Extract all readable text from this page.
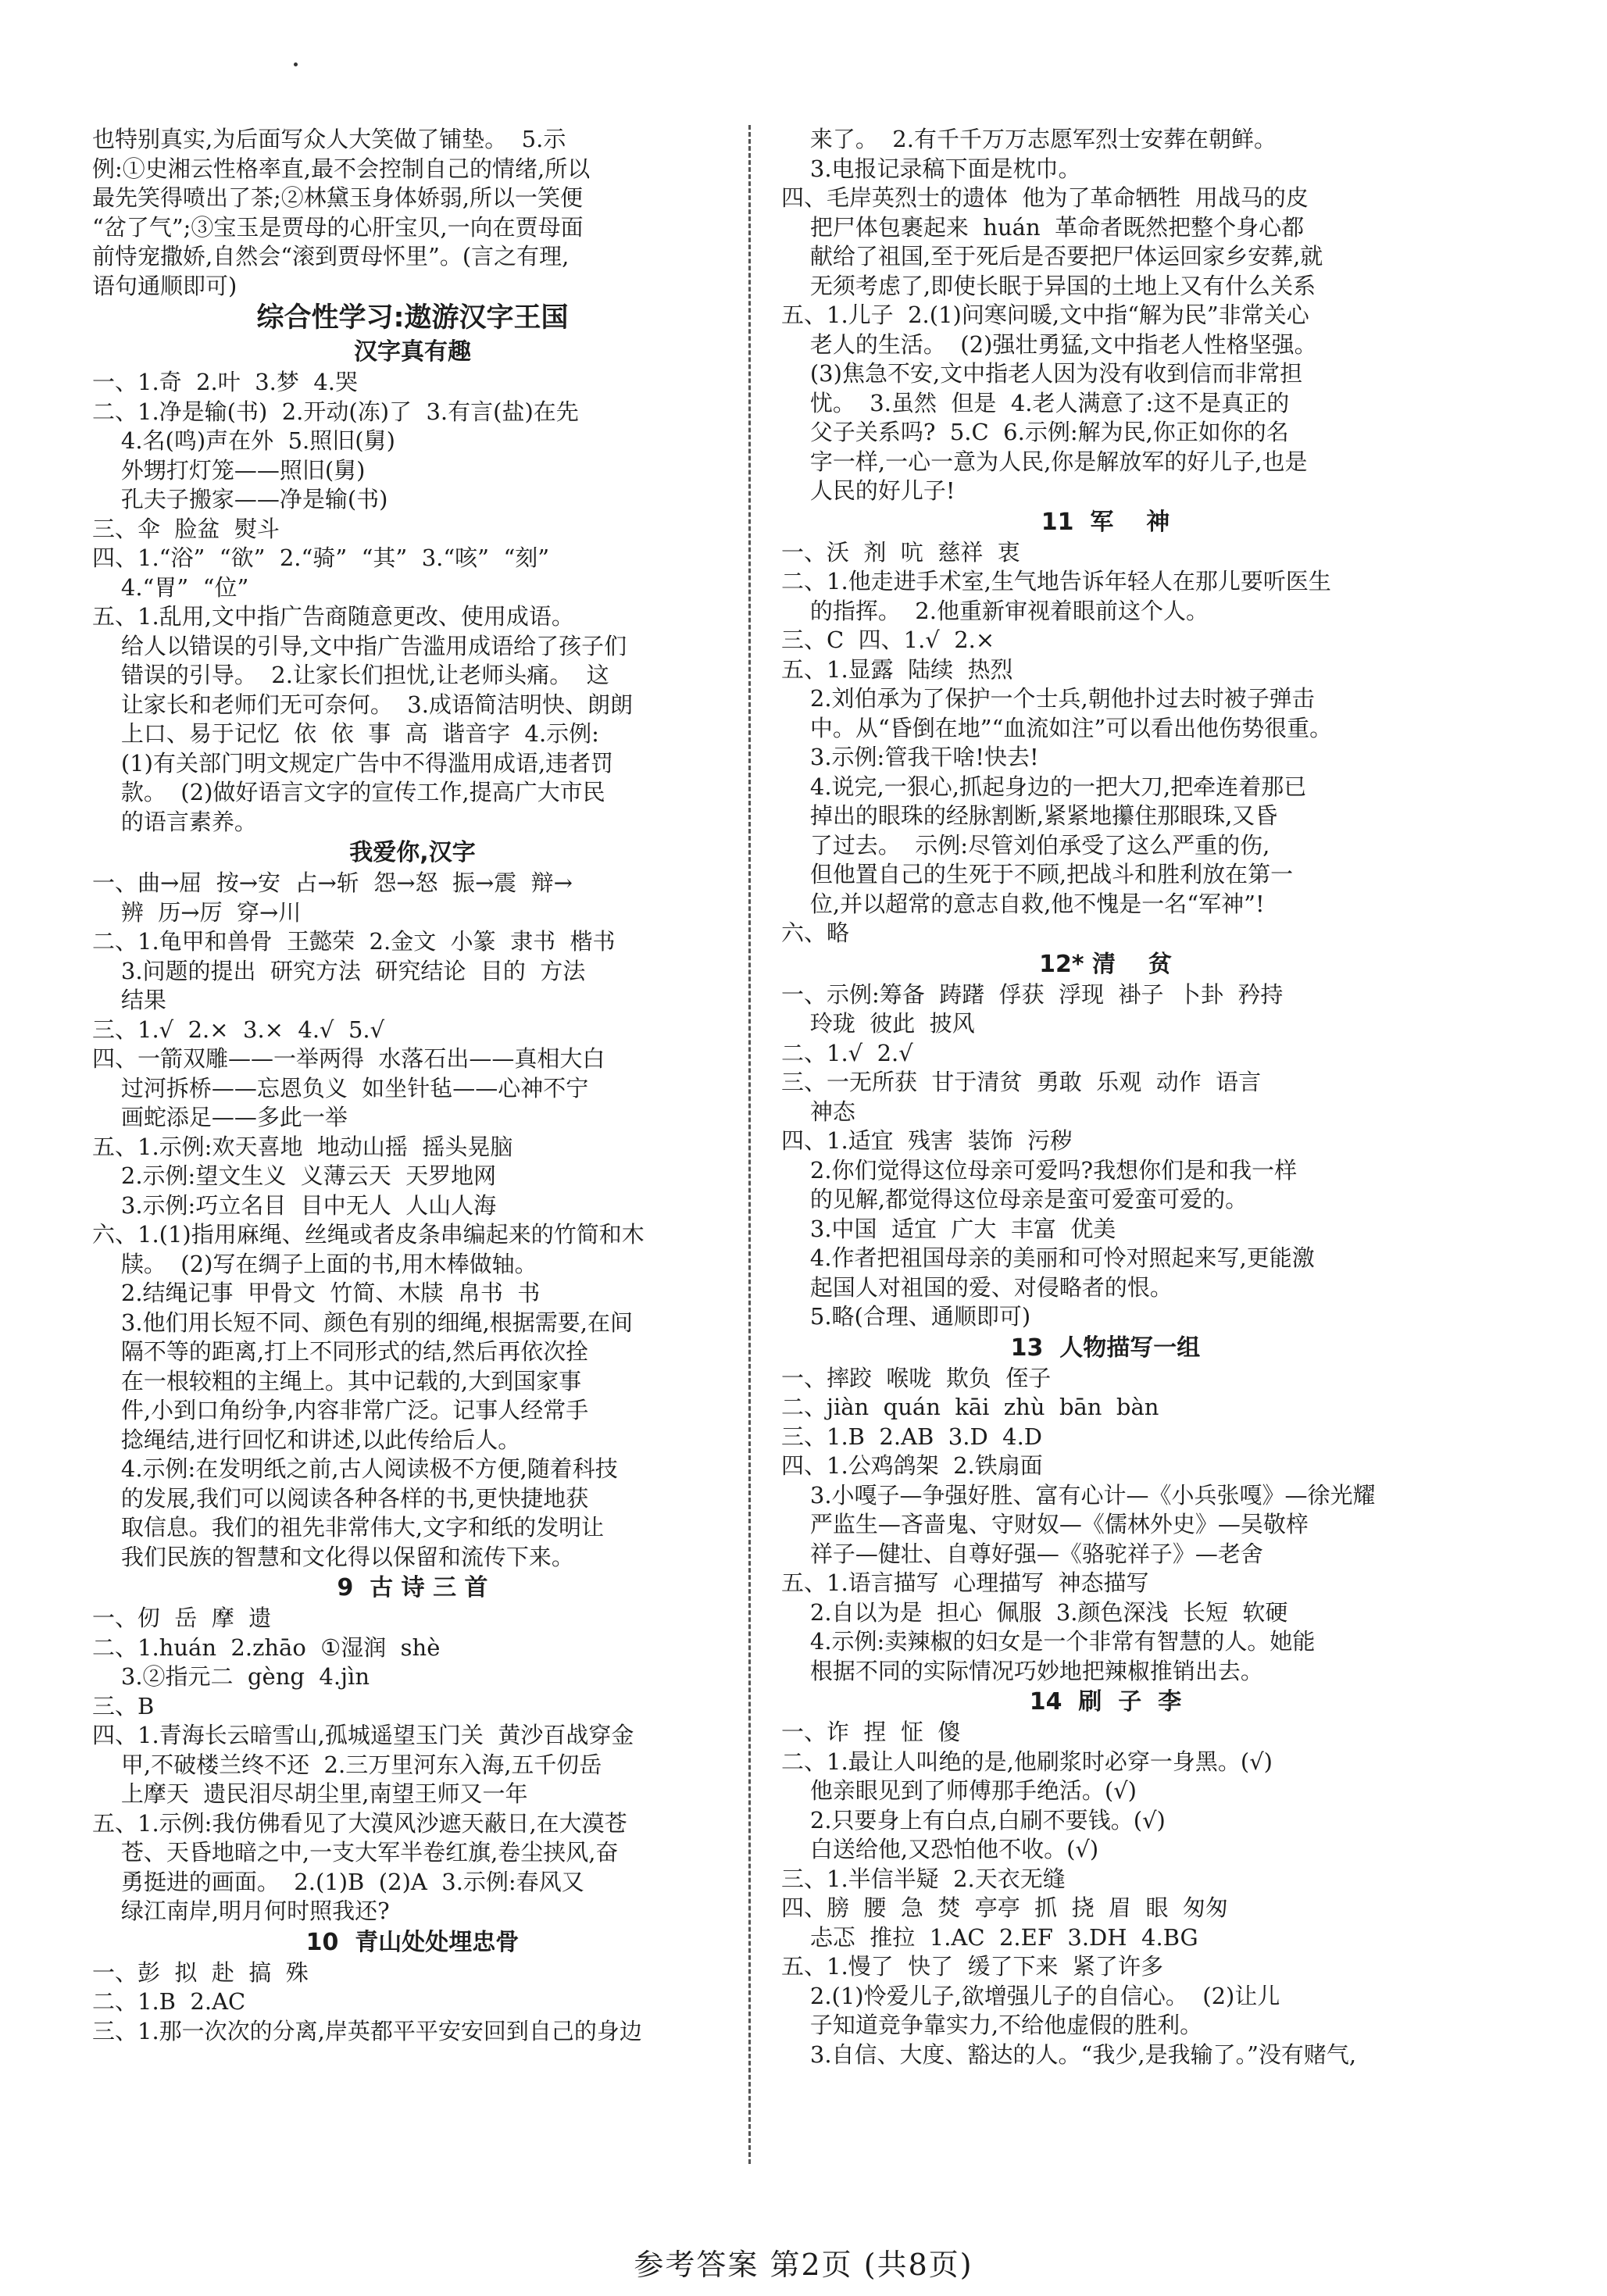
也特别真实,为后面写众人大笑做了铺垫。  5.示
例:①史湘云性格率直,最不会控制自己的情绪,所以
最先笑得喷出了茶;②林黛玉身体娇弱,所以一笑便
“岔了气”;③宝玉是贾母的心肝宝贝,一向在贾母面
前恃宠撒娇,自然会“滚到贾母怀里”。(言之有理,
语句通顺即可)
综合性学习:遨游汉字王国
汉字真有趣
一、1.奇  2.叶  3.梦  4.哭
二、1.净是输(书)  2.开动(冻)了  3.有言(盐)在先
4.名(鸣)声在外  5.照旧(舅)
外甥打灯笼——照旧(舅)
孔夫子搬家——净是输(书)
三、伞  脸盆  熨斗
四、1.“浴”  “欲”  2.“骑”  “其”  3.“咳”  “刻”
4.“胃”  “位”
五、1.乱用,文中指广告商随意更改、使用成语。
给人以错误的引导,文中指广告滥用成语给了孩子们
错误的引导。  2.让家长们担忧,让老师头痛。  这
让家长和老师们无可奈何。  3.成语简洁明快、朗朗
上口、易于记忆  依  依  事  高  谐音字  4.示例:
(1)有关部门明文规定广告中不得滥用成语,违者罚
款。  (2)做好语言文字的宣传工作,提高广大市民
的语言素养。
我爱你,汉字
一、曲→屈  按→安  占→斩  怨→怒  振→震  辩→
辨  历→厉  穿→川
二、1.龟甲和兽骨  王懿荣  2.金文  小篆  隶书  楷书
3.问题的提出  研究方法  研究结论  目的  方法
结果
三、1.√  2.×  3.×  4.√  5.√
四、一箭双雕——一举两得  水落石出——真相大白
过河拆桥——忘恩负义  如坐针毡——心神不宁
画蛇添足——多此一举
五、1.示例:欢天喜地  地动山摇  摇头晃脑
2.示例:望文生义  义薄云天  天罗地网
3.示例:巧立名目  目中无人  人山人海
六、1.(1)指用麻绳、丝绳或者皮条串编起来的竹简和木
牍。  (2)写在绸子上面的书,用木棒做轴。
2.结绳记事  甲骨文  竹简、木牍  帛书  书
3.他们用长短不同、颜色有别的细绳,根据需要,在间
隔不等的距离,打上不同形式的结,然后再依次拴
在一根较粗的主绳上。其中记载的,大到国家事
件,小到口角纷争,内容非常广泛。记事人经常手
捻绳结,进行回忆和讲述,以此传给后人。
4.示例:在发明纸之前,古人阅读极不方便,随着科技
的发展,我们可以阅读各种各样的书,更快捷地获
取信息。我们的祖先非常伟大,文字和纸的发明让
我们民族的智慧和文化得以保留和流传下来。
9  古 诗 三 首
一、仞  岳  摩  遗
二、1.huán  2.zhāo  ①湿润  shè
3.②指元二  gèng  4.jìn
三、B
四、1.青海长云暗雪山,孤城遥望玉门关  黄沙百战穿金
甲,不破楼兰终不还  2.三万里河东入海,五千仞岳
上摩天  遗民泪尽胡尘里,南望王师又一年
五、1.示例:我仿佛看见了大漠风沙遮天蔽日,在大漠苍
苍、天昏地暗之中,一支大军半卷红旗,卷尘挟风,奋
勇挺进的画面。  2.(1)B  (2)A  3.示例:春风又
绿江南岸,明月何时照我还?
10  青山处处埋忠骨
一、彭  拟  赴  搞  殊
二、1.B  2.AC
三、1.那一次次的分离,岸英都平平安安回到自己的身边
来了。  2.有千千万万志愿军烈士安葬在朝鲜。
3.电报记录稿下面是枕巾。
四、毛岸英烈士的遗体  他为了革命牺牲  用战马的皮
把尸体包裹起来  huán  革命者既然把整个身心都
献给了祖国,至于死后是否要把尸体运回家乡安葬,就
无须考虑了,即使长眠于异国的土地上又有什么关系
五、1.儿子  2.(1)问寒问暖,文中指“解为民”非常关心
老人的生活。  (2)强壮勇猛,文中指老人性格坚强。
(3)焦急不安,文中指老人因为没有收到信而非常担
忧。  3.虽然  但是  4.老人满意了:这不是真正的
父子关系吗?  5.C  6.示例:解为民,你正如你的名
字一样,一心一意为人民,你是解放军的好儿子,也是
人民的好儿子!
11  军    神
一、沃  剂  吭  慈祥  衷
二、1.他走进手术室,生气地告诉年轻人在那儿要听医生
的指挥。  2.他重新审视着眼前这个人。
三、C  四、1.√  2.×
五、1.显露  陆续  热烈
2.刘伯承为了保护一个士兵,朝他扑过去时被子弹击
中。从“昏倒在地”“血流如注”可以看出他伤势很重。
3.示例:管我干啥!快去!
4.说完,一狠心,抓起身边的一把大刀,把牵连着那已
掉出的眼珠的经脉割断,紧紧地攥住那眼珠,又昏
了过去。  示例:尽管刘伯承受了这么严重的伤,
但他置自己的生死于不顾,把战斗和胜利放在第一
位,并以超常的意志自救,他不愧是一名“军神”!
六、略
12* 清    贫
一、示例:筹备  踌躇  俘获  浮现  褂子  卜卦  矜持
玲珑  彼此  披风
二、1.√  2.√
三、一无所获  甘于清贫  勇敢  乐观  动作  语言
神态
四、1.适宜  残害  装饰  污秽
2.你们觉得这位母亲可爱吗?我想你们是和我一样
的见解,都觉得这位母亲是蛮可爱蛮可爱的。
3.中国  适宜  广大  丰富  优美
4.作者把祖国母亲的美丽和可怜对照起来写,更能激
起国人对祖国的爱、对侵略者的恨。
5.略(合理、通顺即可)
13  人物描写一组
一、摔跤  喉咙  欺负  侄子
二、jiàn  quán  kāi  zhù  bān  bàn
三、1.B  2.AB  3.D  4.D
四、1.公鸡鸽架  2.铁扇面
3.小嘎子—争强好胜、富有心计—《小兵张嘎》—徐光耀
严监生—吝啬鬼、守财奴—《儒林外史》—吴敬梓
祥子—健壮、自尊好强—《骆驼祥子》—老舍
五、1.语言描写  心理描写  神态描写
2.自以为是  担心  佩服  3.颜色深浅  长短  软硬
4.示例:卖辣椒的妇女是一个非常有智慧的人。她能
根据不同的实际情况巧妙地把辣椒推销出去。
14  刷  子  李
一、诈  捏  怔  傻
二、1.最让人叫绝的是,他刷浆时必穿一身黑。(√)
他亲眼见到了师傅那手绝活。(√)
2.只要身上有白点,白刷不要钱。(√)
白送给他,又恐怕他不收。(√)
三、1.半信半疑  2.天衣无缝
四、膀  腰  急  焚  亭亭  抓  挠  眉  眼  匆匆
忐忑  推拉  1.AC  2.EF  3.DH  4.BG
五、1.慢了  快了  缓了下来  紧了许多
2.(1)怜爱儿子,欲增强儿子的自信心。  (2)让儿
子知道竞争靠实力,不给他虚假的胜利。
3.自信、大度、豁达的人。“我少,是我输了。”没有赌气,
参考答案 第2页 (共8页)
